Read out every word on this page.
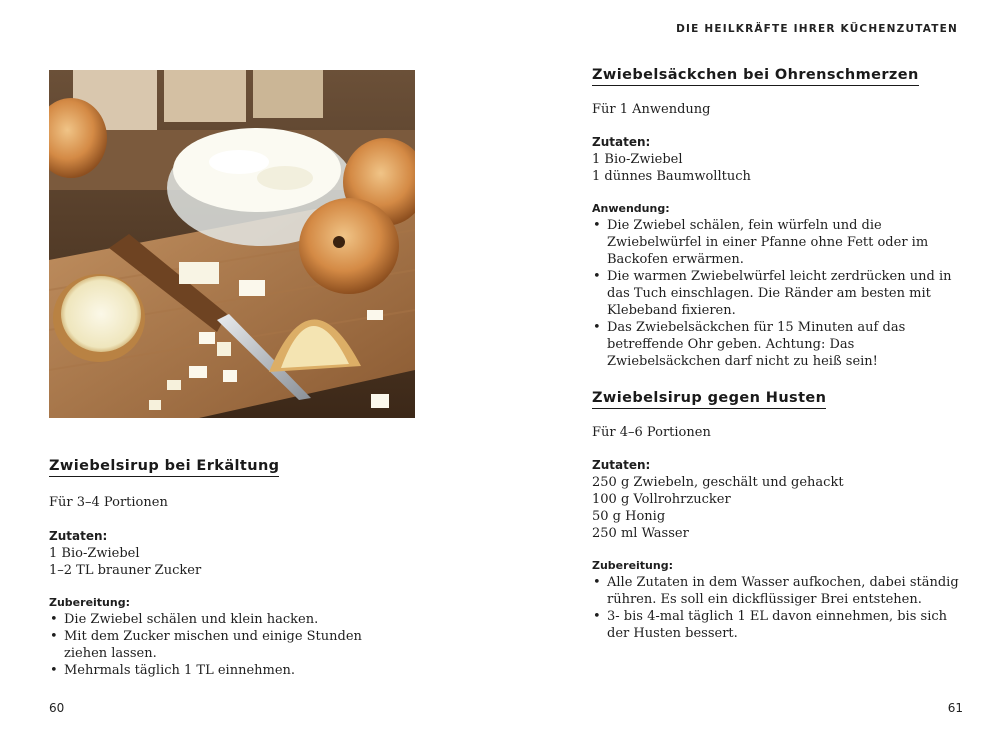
Zwiebelsirup bei Erkältung

Für 3–4 Portionen

Zutaten:

1 Bio-Zwiebel

1–2 TL brauner Zucker

Zubereitung:

• Die Zwiebel schälen und klein hacken.
• Mit dem Zucker mischen und einige Stunden ziehen lassen.
• Mehrmals täglich 1 TL einnehmen.
60
DIE HEILKRÄFTE IHRER KÜCHENZUTATEN
Zwiebelsäckchen bei Ohrenschmerzen

Für 1 Anwendung

Zutaten:

1 Bio-Zwiebel

1 dünnes Baumwolltuch

Anwendung:

• Die Zwiebel schälen, fein würfeln und die Zwiebelwürfel in einer Pfanne ohne Fett oder im Backofen erwärmen.
• Die warmen Zwiebelwürfel leicht zerdrücken und in das Tuch einschlagen. Die Ränder am besten mit Klebeband fixieren.
• Das Zwiebelsäckchen für 15 Minuten auf das betreffende Ohr geben. Achtung: Das Zwiebelsäckchen darf nicht zu heiß sein!
Zwiebelsirup gegen Husten

Für 4–6 Portionen

Zutaten:

250 g Zwiebeln, geschält und gehackt

100 g Vollrohrzucker

50 g Honig

250 ml Wasser

Zubereitung:

• Alle Zutaten in dem Wasser aufkochen, dabei ständig rühren. Es soll ein dickflüssiger Brei entstehen.
• 3- bis 4-mal täglich 1 EL davon einnehmen, bis sich der Husten bessert.
61
